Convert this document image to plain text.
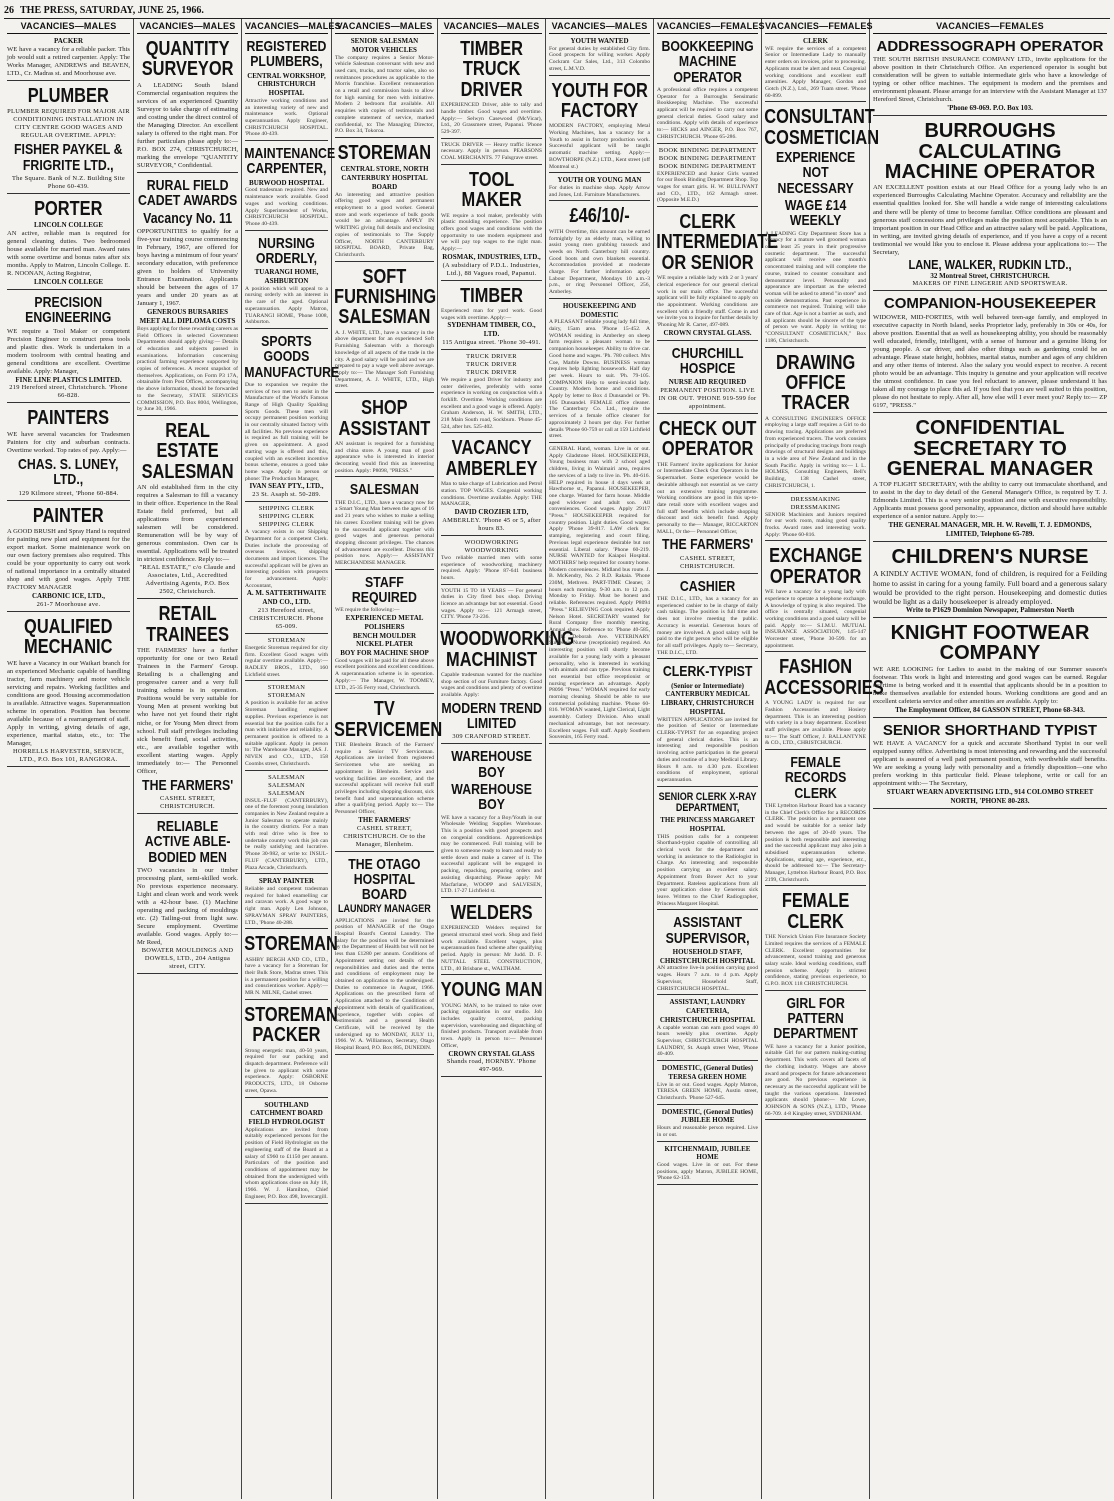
26 THE PRESS, SATURDAY, JUNE 25, 1966.
VACANCIES—MALES
PACKER
WE have a vacancy for a reliable packer. This job would suit a retired carpenter. Apply: The Works Manager, ANDREWS and BEAVEN, LTD., Cr. Madras st. and Moorhouse ave.
PLUMBER
PLUMBER REQUIRED FOR MAJOR AIR CONDITIONING INSTALLATION IN CITY CENTRE GOOD WAGES AND REGULAR OVERTIME. APPLY:
FISHER PAYKEL & FRIGRITE LTD.,
The Square. Bank of N.Z. Building Site Phone 60-439.
PORTER
LINCOLN COLLEGE
AN active, reliable man is required for general cleaning duties. Two bedroomed house available for married man. Award rates with some overtime and bonus rates after six months. Apply to Matron, Lincoln College. E. R. NOONAN, Acting Registrar,
LINCOLN COLLEGE
PRECISION ENGINEERING
WE require a Tool Maker or competent Precision Engineer to construct press tools and plastic dies. Work is undertaken in a modern toolroom with central heating and general conditions are excellent. Overtime available. Apply: Manager,
FINE LINE PLASTICS LIMITED.
219 Hereford street, Christchurch. 'Phone 66-828.
PAINTERS
WE have several vacancies for Tradesmen Painters for city and suburban contracts. Overtime worked. Top rates of pay. Apply:—
CHAS. S. LUNEY, LTD.,
129 Kilmore street, 'Phone 60-884.
PAINTER
A GOOD BRUSH and Spray Hand is required for painting new plant and equipment for the export market. Some maintenance work on our own factory premises also required. This could be your opportunity to carry out work of national importance in a centrally situated shop and with good wages. Apply THE FACTORY MANAGER
CARBONIC ICE, LTD.,
261-7 Moorhouse ave.
QUALIFIED MECHANIC
WE have a Vacancy in our Waikari branch for an experienced Mechanic capable of handling tractor, farm machinery and motor vehicle servicing and repairs. Working facilities and conditions are good. Housing accommodation is available. Attractive wages. Superannuation scheme in operation. Position has become available because of a rearrangement of staff. Apply in writing, giving details of age, experience, marital status, etc., to: The Manager,
HORRELLS HARVESTER, SERVICE, LTD., P.O. Box 101, RANGIORA.
VACANCIES—MALES
QUANTITY SURVEYOR
A LEADING South Island Commercial organisation requires the services of an experienced Quantity Surveyor to take charge of estimating and costing under the direct control of the Managing Director. An excellent salary is offered to the right man. For further particulars please apply to:— P.O. BOX 274, CHRISTCHURCH, marking the envelope "QUANTITY SURVEYOR," Confidential.
RURAL FIELD CADET AWARDS
Vacancy No. 11
OPPORTUNITIES to qualify for a five-year training course commencing in February, 1967, are offered for boys having a minimum of four years' secondary education, with preference given to holders of University Entrance Examination. Applicants should be between the ages of 17 years and under 20 years as at January 1, 1967.
GENEROUS BURSARIES MEET ALL DIPLOMA COSTS
Boys applying for these rewarding careers as Field Officers in selected Government Departments should apply giving:— Details of education and subjects passed in examinations. Information concerning practical farming experience supported by copies of references. A recent snapshot of themselves. Applications, on Form P3 17A, obtainable from Post Offices, accompanying the above information, should be forwarded to the Secretary, STATE SERVICES COMMISSION, P.O. Box 8004, Wellington, by June 30, 1966.
REAL ESTATE SALESMAN
AN old established firm in the city requires a Salesman to fill a vacancy in their office. Experience in the Real Estate field preferred, but all applications from experienced salesmen will be considered. Remuneration will be by way of generous commission. Own car is essential. Applications will be treated in strictest confidence. Reply to:—
"REAL ESTATE," c/o Claude and Associates, Ltd., Accredited Advertising Agents, P.O. Box 2502, Christchurch.
RETAIL TRAINEES
THE FARMERS' have a further opportunity for one or two Retail Trainees in the Farmers' Group. Retailing is a challenging and progressive career and a very full training scheme is in operation. Positions would be very suitable for Young Men at present working but who have not yet found their right niche, or for Young Men direct from school. Full staff privileges including sick benefit fund, social activities, etc., are available together with excellent starting wages. Apply immediately to:— The Personnel Officer,
THE FARMERS'
CASHEL STREET, CHRISTCHURCH.
RELIABLE ACTIVE ABLE-BODIED MEN
TWO vacancies in our timber processing plant, semi-skilled work. No previous experience necessary. Light and clean work and work week with a 42-hour base. (1) Machine operating and packing of mouldings etc. (2) Tailing-out from light saw. Secure employment. Overtime available. Good wages. Apply to:— Mr Reed,
BOWATER MOULDINGS AND DOWELS, LTD., 204 Antigua street, CITY.
VACANCIES—MALES
REGISTERED PLUMBERS,
CENTRAL WORKSHOP, CHRISTCHURCH HOSPITAL
Attractive working conditions and an interesting variety of new and maintenance work. Optional superannuation. Apply Engineer, CHRISTCHURCH HOSPITAL. 'Phone 40-439.
MAINTENANCE CARPENTER,
BURWOOD HOSPITAL
Good tradesman required. New and maintenance work available. Good wages and working conditions. Apply Superintendent of Works, CHRISTCHURCH HOSPITAL. 'Phone 40-439.
NURSING ORDERLY,
TUARANGI HOME, ASHBURTON
A position which will appeal to a nursing orderly with an interest in the care of the aged. Optional superannuation. Apply Matron, TUARANGI HOME, 'Phone 1008, Ashburton.
SPORTS GOODS MANUFACTURE
Due to expansion we require the services of two men to assist in the Manufacture of the World's Famous Range of High Quality Spalding Sports Goods. These men will occupy permanent position working in our centrally situated factory with all facilities. No previous experience is required as full training will be given on appointment. A good starting wage is offered and this, coupled with an excellent incentive bonus scheme, ensures a good take home wage. Apply in person or phone: The Production Manager,
IVAN SEAY PTY., LTD.,
23 St. Asaph st. 50-289.
SHIPPING CLERK
SHIPPING CLERK
SHIPPING CLERK
A vacancy exists in our Shipping Department for a competent Clerk. Duties include the processing of overseas invoices, shipping documents and import licences. The successful applicant will be given an interesting position with prospects for advancement. Apply: Accountant,
A. M. SATTERTHWAITE AND CO., LTD.
213 Hereford street, CHRISTCHURCH. Phone 65-009.
STOREMAN
Energetic Storeman required for city firm. Excellent Good wages with regular overtime available. Apply:— RADLEY BROS., LTD., 160 Lichfield street.
STOREMAN
STOREMAN
A position is available for an active Storeman handling engineer supplies. Previous experience is not essential but the position calls for a man with initiative and reliability. A permanent position is offered to a suitable applicant. Apply in person to: The Warehouse Manager, JAS. J. NIVEN and CO., LTD., 158 Coombs street, Christchurch.
SALESMAN
SALESMAN
SALESMAN
INSUL-FLUF (CANTERBURY), one of the foremost young insulation companies in New Zealand require a Junior Salesman to operate mainly in the country districts. For a man with real drive who is free to undertake country work this job can be really satisfying and lucrative. 'Phone 30-982, or write to: INSUL-FLUF (CANTERBURY), LTD., Plaza Arcade, Christchurch.
SPRAY PAINTER
Reliable and competent tradesman required for baked enamelling car and caravan work. A good wage to right man. Apply Len Johnson, SPRAYMAN SPRAY PAINTERS, LTD., 'Phone 40-288.
STOREMAN
ASHBY BERGH AND CO., LTD., have a vacancy for a Storeman for their Bulk Store, Madras street. This is a permanent position for a willing and conscientious worker. Apply:— MR N. MILNE, Cashel street.
STOREMAN PACKER
Strong energetic man, 40-50 years, required for our packing and dispatch department. Preference will be given to applicant with some experience. Apply: OSBORNE PRODUCTS, LTD., 18 Osborne street, Opawa.
SOUTHLAND CATCHMENT BOARD
FIELD HYDROLOGIST
Applications are invited from suitably experienced persons for the position of Field Hydrologist on the engineering staff of the Board at a salary of £960 to £1150 per annum. Particulars of the position and conditions of appointment may be obtained from the undersigned with whom applications close on July 18, 1966. W. J. Hamilton, Chief Engineer, P.O. Box 498, Invercargill.
VACANCIES—MALES
SENIOR SALESMAN
MOTOR VEHICLES
The company requires a Senior Motor-vehicle Salesman conversant with new and used cars, trucks, and tractor sales, also so remittances procedures as applicable to the Morris franchise. Excellent remuneration on a retail and commission basis to allow for high earning for men with initiative. Modern 2 bedroom flat available. All enquiries with copies of testimonials and complete statement of service, marked confidential, to: The Managing Director, P.O. Box 34, Tokoroa.
STOREMAN
CENTRAL STORE, NORTH CANTERBURY HOSPITAL BOARD
An interesting and attractive position offering good wages and permanent employment to a good worker. General store and work experience of bulk goods would be an advantage. APPLY IN WRITING giving full details and enclosing copies of testimonials to The Supply Officer, NORTH CANTERBURY HOSPITAL BOARD, Private Bag, Christchurch.
SOFT FURNISHING SALESMAN
A. J. WHITE, LTD., have a vacancy in the above department for an experienced Soft Furnishing Salesman with a thorough knowledge of all aspects of the trade in the city. A good salary will be paid and we are prepared to pay a wage well above average. Apply to:— The Manager Soft Furnishing Department, A. J. WHITE, LTD., High street.
SHOP ASSISTANT
AN assistant is required for a furnishing and china store. A young man of good appearance who is interested in interior decorating would find this an interesting position. Apply: P8098, "PRESS."
SALESMAN
THE D.I.C., LTD., have a vacancy now for a Smart Young Man between the ages of 16 and 21 years who wishes to make a selling his career. Excellent training will be given to the successful applicant together with good wages and generous personal shopping discount privileges. The chances of advancement are excellent. Discuss this position now. Apply:— ASSISTANT MERCHANDISE MANAGER.
STAFF REQUIRED
WE require the following:—
EXPERIENCED METAL POLISHERS
BENCH MOULDER
NICKEL PLATER
BOY FOR MACHINE SHOP
Good wages will be paid for all these above excellent positions and excellent conditions. A superannuation scheme is in operation. Apply:— The Manager, W. TOOMEY, LTD., 25-35 Ferry road, Christchurch.
TV SERVICEMEN
THE Blenheim Branch of the Farmers' require a Senior TV Serviceman. Applications are invited from registered Servicemen who are seeking an appointment in Blenheim. Service and working facilities are excellent, and the successful applicant will receive full staff privileges including shopping discount, sick benefit fund and superannuation scheme after a qualifying period. Apply to:— The Personnel Officer,
THE FARMERS'
CASHEL STREET, CHRISTCHURCH. Or to the Manager, Blenheim.
THE OTAGO HOSPITAL BOARD
LAUNDRY MANAGER
APPLICATIONS are invited for the position of MANAGER of the Otago Hospital Board's Central Laundry. The salary for the position will be determined by the Department of Health but will not be less than £1280 per annum. Conditions of Appointment setting out details of the responsibilities and duties and the terms and conditions of employment may be obtained on application to the undersigned. Duties to commence in August, 1966. Applications on the prescribed form of Application attached to the Conditions of Appointment with details of qualifications, experience, together with copies of testimonials and a general Health Certificate, will be received by the undersigned up to MONDAY, JULY 11, 1966. W. A. Williamson, Secretary, Otago Hospital Board, P.O. Box 885, DUNEDIN.
VACANCIES—MALES
TIMBER TRUCK DRIVER
EXPERIENCED Driver, able to tally and handle timber. Good wages and overtime. Apply:— Selwyn Casewood (McVicar), Ltd., 20 Grassmere street, Papanui. 'Phone 529-397.
TRUCK DRIVER — Heavy traffic licence necessary. Apply in person. PEARSONS COAL MERCHANTS. 77 Falsgrave street.
TOOL MAKER
WE require a tool maker, preferably with plastic moulding experience. The position offers good wages and conditions with the opportunity to use modern equipment and we will pay top wages to the right man. Apply:—
ROSMAK, INDUSTRIES, LTD.,
(A subsidiary of P.D.L. Industries, Ltd.), 88 Vagues road, Papanui.
TIMBER
Experienced man for yard work. Good wages with overtime. Apply:—
SYDENHAM TIMBER, CO., LTD.
115 Antigua street. 'Phone 30-491.
TRUCK DRIVER
TRUCK DRIVER
TRUCK DRIVER
We require a good Driver for industry and outer deliveries, preferably with some experience in working on conjunction with a forklift. Overtime. Working conditions are excellent and a good wage is offered. Apply: Graham Anderson, H. W. SMITH, LTD., 218 Main South road, Sockburn. 'Phone 45-524, after hrs. 525-402.
VACANCY AMBERLEY
Man to take charge of Lubrication and Petrol station. TOP WAGES. Congenial working conditions. Overtime available. Apply: THE MANAGER,
DAVID CROZIER LTD,
AMBERLEY. 'Phone 45 or 5, after hours 83.
WOODWORKING
WOODWORKING
Two reliable married men with some experience of woodworking machinery required. Apply: 'Phone 87-641 business hours.
YOUTH 15 TO 18 YEARS — For general duties in City fired box shop. Driving licence an advantage but not essential. Good wages. Apply to:— 121 Armagh street, CITY. 'Phone 73-236.
WOODWORKING MACHINIST
Capable tradesman wanted for the machine shop section of our Furniture factory. Good wages and conditions and plenty of overtime available. Apply:
MODERN TREND LIMITED
309 CRANFORD STREET.
WAREHOUSE BOY
WAREHOUSE BOY
WE have a vacancy for a Boy/Youth in our Wholesale Welding Supplies Warehouse. This is a position with good prospects and on congenial conditions. Apprenticeships may be commenced. Full training will be given to someone ready to learn and ready to settle down and make a career of it. The successful applicant will be engaged in packing, repacking, preparing orders and assisting dispatching. Please apply: Mr Macfarlane, WOOPP and SALVESEN, LTD. 17-27 Lichfield st.
WELDERS
EXPERIENCED Welders required for general structural steel work. Shop and field work available. Excellent wages, plus superannuation fund scheme after qualifying period. Apply in person: Mr Judd. D. F. NUTTALL STEEL CONSTRUCTION, LTD., 40 Brisbane st., WALTHAM.
YOUNG MAN
YOUNG MAN, to be trained to take over packing organisation in our studio. Job includes quality control, packing supervision, warehousing and dispatching of finished products. Transport available from town. Apply in person to:— Personnel Officer,
CROWN CRYSTAL GLASS
Shands road, HORNBY. 'Phone 497-969.
VACANCIES—MALES
YOUTH WANTED
For general duties by established City firm. Good prospects for willing worker. Apply Cockram Car Sales, Ltd., 313 Colombo street, L.M.V.D.
YOUTH FOR FACTORY
MODERN FACTORY, employing Metal Working Machines, has a vacancy for a Youth to assist in factory production work. Successful applicant will be taught automatic machine setting. Apply:— BOWTHORPE (N.Z.) LTD., Kent street (off Montreal st.)
YOUTH OR YOUNG MAN
For duties in machine shop. Apply Arrow and Jones, Ltd. Furniture Manufacturers.
£46/10/-
WITH Overtime, this amount can be earned fortnightly by an elderly man, willing to assist young men grubbing tussock and weeds on North Canterbury hill country. Good boots and own blankets essential. Accommodation provided at moderate charge. For further information apply Labour Department, Mondays 10 a.m.-3 p.m., or ring Personnel Officer, 256, Amberley.
HOUSEKEEPING AND DOMESTIC
A PLEASANT reliable young lady full time, dairy, 15am area. 'Phone 15-452. A WOMAN residing in Amberley on sheep farm requires a pleasant woman to be companion housekeeper. Ability to drive car. Good home and wages. 'Ph. 780 collect. Mrs Coe, Marble Downs. BUSINESS woman requires help lighting housework. Half day per week. Hours to suit. 'Ph. 79-105. COMPANION Help to semi-invalid lady. Country. Modern home and conditions. Apply by letter to Box 4 Dunsandel or 'Ph. 105 Dunsandel. FEMALE office cleaner. The Canterbury Co. Ltd., require the services of a female office cleaner for approximately 2 hours per day. For further details 'Phone 60-759 or call at 159 Lichfield street.
GENERAL Hand, woman. Live in or out. Apply Gladstone Hotel. HOUSEKEEPER, Young business man with 2 school aged children, living in Waimairi area, requires the services of a lady to live in. 'Ph. 40-616. HELP required in house 4 days week at Hawthorne st., Papanui. HOUSEKEEPER, one charge. Wanted for farm house. Middle aged widower and adult son. All conveniences. Good wages. Apply 29117 "Press." HOUSEKEEPER required for country position. Light duties. Good wages. Apply 'Phone 39-817. LAW clerk for stamping, registering and court filing. Previous legal experience desirable but not essential. Liberal salary. 'Phone 60-219. NURSE WANTED for Kaiapoi Hospital. MOTHERS' help required for country home. Modern conveniences. Midland bus route. J. B. McKendry, No. 2 R.D. Rakaia. 'Phone 230M, Methven. PART-TIME Cleaner, 3 hours each morning. 9-30 a.m. to 12 p.m. Monday to Friday. Must be honest and reliable. References required. Apply P8094 "Press." RELIEVING Cook required. Apply Nelson Hotel. SECRETARY wanted for Rural Company five monthly meeting. Annual show. Reference to: 'Phone 40-585, or 11 Deborah Ave. VETERINARY Surgeon's Nurse (receptionist) required. An interesting position will shortly become available for a young lady with a pleasant personality, who is interested in working with animals and can type. Previous training not essential but office receptionist or nursing experience an advantage. Apply P8096 "Press." WOMAN required for early morning cleaning. Should be able to use commercial polishing machine. 'Phone 60-816. WOMAN wanted, Light Clerical, Light assembly. Cutlery Division. Also small mechanical advantage, but not necessary. Excellent wages. Full staff. Apply Southern Souvenirs, 165 Ferry road.
VACANCIES—FEMALES
BOOKKEEPING MACHINE OPERATOR
A professional office requires a competent Operator for a Burroughs Sensimatic Bookkeeping Machine. The successful applicant will be required to carry out some general clerical duties. Good salary and conditions. Apply with details of experience to:— HICKS and AINGER, P.O. Box 767, CHRISTCHURCH. 'Phone 65-286.
BOOK BINDING DEPARTMENT
BOOK BINDING DEPARTMENT
BOOK BINDING DEPARTMENT
EXPERIENCED and Junior Girls wanted for our Book Binding Department Shop. Top wages for smart girls. H. W. BULLIVANT and CO., LTD., 162 Armagh street. (Opposite M.E.D.)
CLERK INTERMEDIATE OR SENIOR
WE require a reliable lady with 2 or 3 years' clerical experience for our general clerical work in our main office. The successful applicant will be fully explained to apply on the appointment. Working conditions are excellent with a friendly staff. Come in and we invite you to inquire for further details by 'Phoning Mr R. Carter, 497-089.
CROWN CRYSTAL GLASS.
CHURCHILL HOSPICE
NURSE AID REQUIRED
PERMANENT POSITION. LIVE IN OR OUT. 'PHONE 919-599 for appointment.
CHECK OUT OPERATOR
THE Farmers' invite applications for Junior or Intermediate Check Out Operators in the Supermarket. Some experience would be desirable although not essential as we carry out an extensive training programme. Working conditions are good in this up-to-date retail store with excellent wages and full staff benefits which include shopping discount and sick benefit fund. Apply personally to the— Manager, RICCARTON MALL, Or the— Personnel Officer,
THE FARMERS'
CASHEL STREET, CHRISTCHURCH.
CASHIER
THE D.I.C., LTD., has a vacancy for an experienced cashier to be in charge of daily cash takings. The position is full time and does not involve meeting the public. Accuracy is essential. Generous hours of money are involved. A good salary will be paid to the right person who will be eligible for all staff privileges. Apply to— Secretary, THE D.I.C., LTD.
CLERK-TYPIST
(Senior or Intermediate) CANTERBURY MEDICAL LIBRARY, CHRISTCHURCH HOSPITAL
WRITTEN APPLICATIONS are invited for the position of Senior or Intermediate CLERK-TYPIST for an expanding project of general clerical duties. This is an interesting and responsible position involving active participation in the general duties and routine of a busy Medical Library. Hours 8 a.m. to 4.30 p.m. Excellent conditions of employment, optional superannuation.
SENIOR CLERK X-RAY DEPARTMENT,
THE PRINCESS MARGARET HOSPITAL
THIS position calls for a competent Shorthand-typist capable of controlling all clerical work for the department and working in assistance to the Radiologist in Charge. An interesting and responsible position carrying an excellent salary. Appointment from Bower Act to your Department. Rateless applications from all your application close by Generous sick leave. Written to the Chief Radiographer, Princess Margaret Hospital.
ASSISTANT SUPERVISOR,
HOUSEHOLD STAFF, CHRISTCHURCH HOSPITAL
AN attractive live-in position carrying good wages. Hours 7 a.m. to 4 p.m. Apply Supervisor, Household Staff, CHRISTCHURCH HOSPITAL.
ASSISTANT, LAUNDRY CAFETERIA, CHRISTCHURCH HOSPITAL
A capable woman can earn good wages 40 hours weekly plus overtime. Apply Supervisor, CHRISTCHURCH HOSPITAL LAUNDRY, St. Asaph street West, 'Phone 40-409.
DOMESTIC, (General Duties) TERESA GREEN HOME
Live in or out. Good wages. Apply Matron, TERESA GREEN HOME, Austin street, Christchurch. 'Phone 527-645.
DOMESTIC, (General Duties) JUBILEE HOME
Hours and reasonable person required. Live in or out.
KITCHENMAID, JUBILEE HOME
Good wages. Live in or out. For these positions, apply Matron, JUBILEE HOME, 'Phone 62-159.
VACANCIES—FEMALES
CLERK
WE require the services of a competent Senior or Intermediate Lady to manually enter orders on invoices, prior to processing. Applicants must be alert and neat. Congenial working conditions and excellent staff amenities. Apply Manager, Gordon and Gotch (N.Z.), Ltd., 269 Tuam street. 'Phone 60-899.
CONSULTANT COSMETICIAN
EXPERIENCE NOT NECESSARY
WAGE £14 WEEKLY
A LEADING City Department Store has a vacancy for a mature well groomed woman of at least 25 years in their progressive cosmetic department. The successful applicant will receive one month's concentrated training and will complete the course, trained to counter consultant and demonstrator level. Personality and appearance are important as the selected woman will be asked to attend "in store" and outside demonstrations. Past experience in commerce not required. Training will take care of that. Age is not a barrier as such, and all applicants should be sincere of the type of person we want. Apply in writing to: "CONSULTANT COSMETICIAN," Box 1186, Christchurch.
DRAWING OFFICE TRACER
A CONSULTING ENGINEER'S OFFICE employing a large staff requires a Girl to do drawing tracing. Applications are preferred from experienced tracers. The work consists principally of producing tracings from rough drawings of structural designs and buildings in a wide area of New Zealand and in the South Pacific. Apply in writing to:— I. L. HOLMES, Consulting Engineers, Bell's Building, 138 Cashel street, CHRISTCHURCH, 1.
DRESSMAKING
DRESSMAKING
SENIOR Machinists and Juniors required for our work room, making good quality frocks. Award rates and interesting work. Apply: 'Phone 60-816.
EXCHANGE OPERATOR
WE have a vacancy for a young lady with experience to operate a telephone exchange. A knowledge of typing is also required. The office is centrally situated, congenial working conditions and a good salary will be paid. Apply to:— S.I.M.U. MUTUAL INSURANCE ASSOCIATION, 145-147 Worcester street, 'Phone 30-599. for an appointment.
FASHION ACCESSORIES
A YOUNG LADY is required for our Fashion Accessories and Hosiery department. This is an interesting position with variety in a busy department. Excellent staff privileges are available. Please apply to:— The Staff Officer, J. BALLANTYNE & CO., LTD., CHRISTCHURCH.
FEMALE RECORDS CLERK
THE Lyttelton Harbour Board has a vacancy in the Chief Clerk's Office for a RECORDS CLERK. The position is a permanent one and would be suitable for a senior lady between the ages of 20-40 years. The position is both responsible and interesting and the successful applicant may also join a subsidised superannuation scheme. Applications, stating age, experience, etc., should be addressed to:— The Secretary-Manager, Lyttelton Harbour Board, P.O. Box 2199, Christchurch.
FEMALE CLERK
THE Norwich Union Fire Insurance Society Limited requires the services of a FEMALE CLERK. Excellent opportunities for advancement, sound training and generous salary scale. Ideal working conditions, staff pension scheme. Apply in strictest confidence, stating previous experience, to G.P.O. BOX 118 CHRISTCHURCH.
GIRL FOR PATTERN DEPARTMENT
WE have a vacancy for a Junior position, suitable Girl for our pattern making-cutting department. This work covers all facets of the clothing industry. Wages are above award and prospects for future advancement are good. No previous experience is necessary as the successful applicant will be taught the various operations. Interested applicants should 'phone:— Mr Lowe, JOHNSON & SONS (N.Z.), LTD., 'Phone 66-709. 4-8 Kingsley street, SYDENHAM.
VACANCIES—FEMALES
ADDRESSOGRAPH OPERATOR
THE SOUTH BRITISH INSURANCE COMPANY LTD., invite applications for the above position in their Christchurch Office. An experienced operator is sought but consideration will be given to suitable intermediate girls who have a knowledge of typing or other office machines. The equipment is modern and the premises and environment pleasant. Please arrange for an interview with the Assistant Manager at 137 Hereford Street, Christchurch.
'Phone 69-069. P.O. Box 103.
BURROUGHS CALCULATING MACHINE OPERATOR
AN EXCELLENT position exists at our Head Office for a young lady who is an experienced Burroughs Calculating Machine Operator. Accuracy and reliability are the essential qualities looked for. She will handle a wide range of interesting calculations and there will be plenty of time to become familiar. Office conditions are pleasant and generous staff concessions and privileges make the position most acceptable. This is an important position in our Head Office and an attractive salary will be paid. Applications, in writing, are invited giving details of experience, and if you have a copy of a recent testimonial we would like you to enclose it. Please address your applications to:— The Secretary,
LANE, WALKER, RUDKIN LTD.,
32 Montreal Street, CHRISTCHURCH.
MAKERS OF FINE LINGERIE AND SPORTSWEAR.
COMPANION-HOUSEKEEPER
WIDOWER, MID-FORTIES, with well behaved teen-age family, and employed in executive capacity in North Island, seeks Proprietor lady, preferably in 30s or 40s, for above position. Essential that as well as housekeeping ability, you should be reasonably well educated, friendly, intelligent, with a sense of humour and a genuine liking for young people. A car driver, and also other things such as gardening could be an advantage. Please state height, hobbies, marital status, number and ages of any children and any other items of interest. Also the salary you would expect to receive. A recent photo would be an advantage. This inquiry is genuine and your application will receive the utmost confidence. In case you feel reluctant to answer, please understand it has taken all my courage to place this ad. If you feel that you are well suited to this position, please do not hesitate to reply. After all, how else will I ever meet you? Reply to:— ZP 6197, "PRESS."
CONFIDENTIAL SECRETARY TO GENERAL MANAGER
A TOP FLIGHT SECRETARY, with the ability to carry out immaculate shorthand, and to assist in the day to day detail of the General Manager's Office, is required by T. J. Edmonds Limited. This is a very senior position and one with executive responsibility. Applicants must possess good personality, appearance, diction and should have suitable experience of a senior nature. Apply to:—
THE GENERAL MANAGER, MR. H. W. Revelli, T. J. EDMONDS, LIMITED, Telephone 65-789.
CHILDREN'S NURSE
A KINDLY ACTIVE WOMAN, fond of children, is required for a Feilding home to assist in caring for a young family. Full board and a generous salary would be provided to the right person. Housekeeping and domestic duties would be light as a daily housekeeper is already employed.
Write to P1629 Dominion Newspaper, Palmerston North
KNIGHT FOOTWEAR COMPANY
WE ARE LOOKING for Ladies to assist in the making of our Summer season's footwear. This work is light and interesting and good wages can be earned. Regular overtime is being worked and it is essential that applicants should be in a position to make themselves available for extended hours. Working conditions are good and an excellent cafeteria service and other amenities are available. Apply to:
The Employment Officer, 84 GASSON STREET, Phone 68-343.
SENIOR SHORTHAND TYPIST
WE HAVE A VACANCY for a quick and accurate Shorthand Typist in our well equipped sunny office. Advertising is most interesting and rewarding and the successful applicant is assured of a well paid permanent position, with worthwhile staff benefits. We are seeking a young lady with personality and a friendly disposition—one who prefers working in this particular field. Please telephone, write or call for an appointment with:— The Secretary,
STUART WEARN ADVERTISING LTD., 914 COLOMBO STREET NORTH, 'PHONE 80-283.
